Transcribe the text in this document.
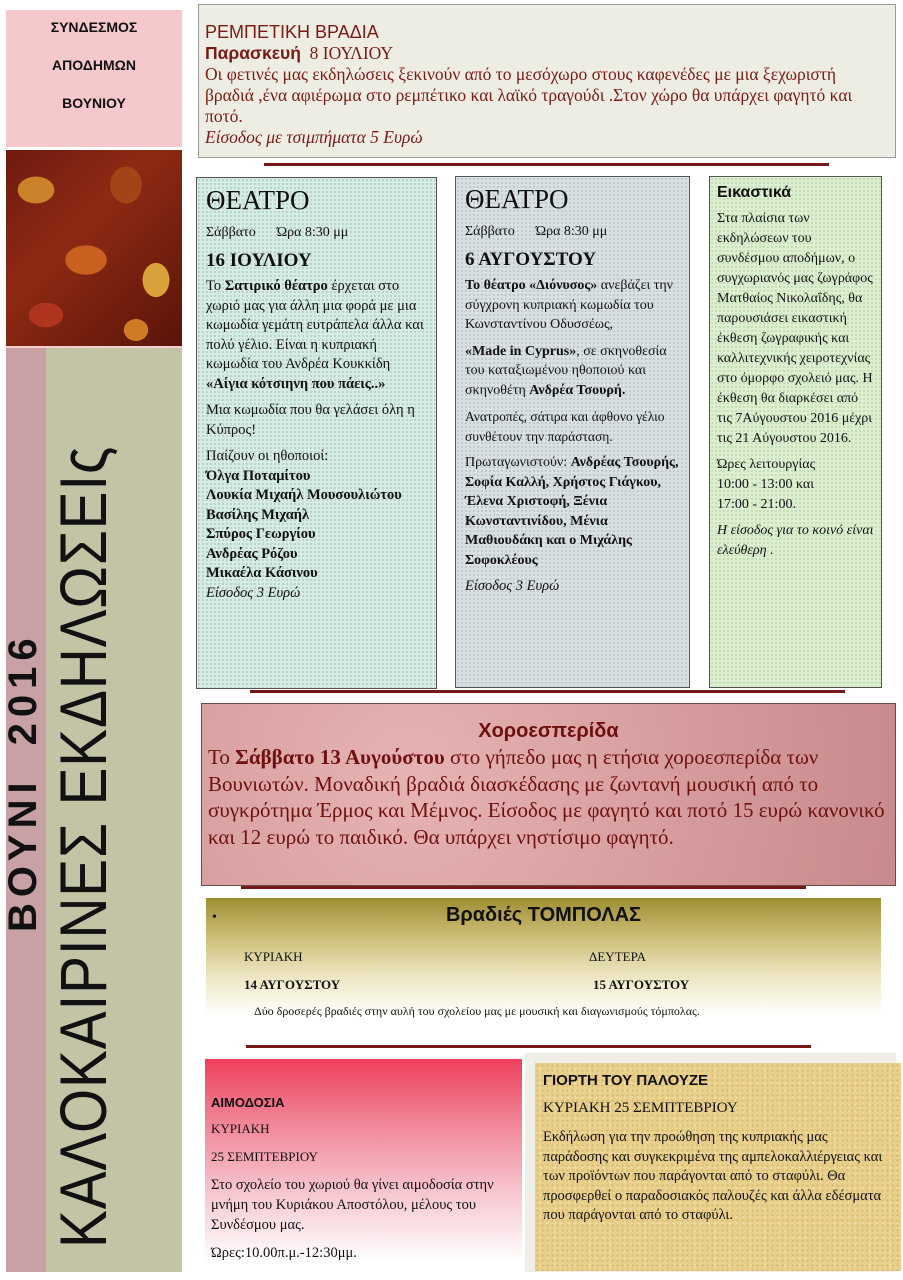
ΣΥΝΔΕΣΜΟΣ
ΑΠΟΔΗΜΩΝ
ΒΟΥΝΙΟΥ
ΒΟΥΝΙ 2016 ΚΑΛΟΚΑΙΡΙΝΕΣ ΕΚΔΗΛΩΣΕΙς
ΡΕΜΠΕΤΙΚΗ ΒΡΑΔΙΑ
Παρασκευή 8 ΙΟΥΛΙΟΥ
Οι φετινές μας εκδηλώσεις ξεκινούν από το μεσόχωρο στους καφενέδες με μια ξεχωριστή βραδιά ,ένα αφιέρωμα στο ρεμπέτικο και λαϊκό τραγούδι .Στον χώρο θα υπάρχει φαγητό και ποτό.
Είσοδος με τσιμπήματα 5 Ευρώ
ΘΕΑΤΡΟ
Σάββατο      Ώρα 8:30 μμ
16 ΙΟΥΛΙΟΥ

Το Σατιρικό θέατρο έρχεται στο χωριό μας για άλλη μια φορά με μια κωμωδία γεμάτη ευτράπελα άλλα και πολύ γέλιο. Είναι η κυπριακή κωμωδία του Ανδρέα Κουκκίδη «Αίγια κότσιηνη που πάεις..»

Μια κωμωδία που θα γελάσει όλη η Κύπρος!

Παίζουν οι ηθοποιοί:
Όλγα Ποταμίτου
Λουκία Μιχαήλ Μουσουλιώτου
Βασίλης Μιχαήλ
Σπύρος Γεωργίου
Ανδρέας Ρόζου
Μικαέλα Κάσινου
Είσοδος 3 Ευρώ
ΘΕΑΤΡΟ
Σάββατο      Ώρα 8:30 μμ
6 ΑΥΓΟΥΣΤΟΥ

Το θέατρο «Διόνυσος» ανεβάζει την σύγχρονη κυπριακή κωμωδία του Κωνσταντίνου Οδυσσέως,

«Made in Cyprus», σε σκηνοθεσία του καταξιωμένου ηθοποιού και σκηνοθέτη Ανδρέα Τσουρή.

Ανατροπές, σάτιρα και άφθονο γέλιο συνθέτουν την παράσταση.

Πρωταγωνιστούν: Ανδρέας Τσουρής, Σοφία Καλλή, Χρήστος Γιάγκου, Έλενα Χριστοφή, Ξένια Κωνσταντινίδου, Μένια Μαθιουδάκη και ο Μιχάλης Σοφοκλέους

Είσοδος 3 Ευρώ
Εικαστικά

Στα πλαίσια των εκδηλώσεων του συνδέσμου αποδήμων, ο συγχωριανός μας ζωγράφος Ματθαίος Νικολαΐδης, θα παρουσιάσει εικαστική έκθεση ζωγραφικής και καλλιτεχνικής χειροτεχνίας στο όμορφο σχολειό μας. Η έκθεση θα διαρκέσει από τις 7Αύγουστου 2016 μέχρι τις 21 Αύγουστου 2016.

Ώρες λειτουργίας
10:00 - 13:00 και
17:00 - 21:00.
Η είσοδος για το κοινό είναι ελεύθερη .
Χοροεσπερίδα
Το Σάββατο 13 Αυγούστου στο γήπεδο μας η ετήσια χοροεσπερίδα των Βουνιωτών. Μοναδική βραδιά διασκέδασης με ζωντανή μουσική από το συγκρότημα Έρμος και Μέμνος. Είσοδος με φαγητό και ποτό 15 ευρώ κανονικό και 12 ευρώ το παιδικό. Θα υπάρχει νηστίσιμο φαγητό.
•	Βραδιές ΤΟΜΠΟΛΑΣ
ΚΥΡΙΑΚΗ
14 ΑΥΓΟΥΣΤΟΥ
ΔΕΥΤΕΡΑ
15 ΑΥΓΟΥΣΤΟΥ
Δύο δροσερές βραδιές στην αυλή του σχολείου μας με μουσική και διαγωνισμούς τόμπολας.
ΑΙΜΟΔΟΣΙΑ
ΚΥΡΙΑΚΗ
25 ΣΕΜΠΤΕΒΡΙΟΥ
Στο σχολείο του χωριού θα γίνει αιμοδοσία στην μνήμη του Κυριάκου Αποστόλου, μέλους του Συνδέσμου μας.
Ώρες:10.00π.μ.-12:30μμ.
ΓΙΟΡΤΗ ΤΟΥ ΠΑΛΟΥΖΕ
ΚΥΡΙΑΚΗ 25 ΣΕΜΠΤΕΒΡΙΟΥ
Εκδήλωση για την προώθηση της κυπριακής μας παράδοσης και συγκεκριμένα της αμπελοκαλλιέργειας και των προϊόντων που παράγονται από το σταφύλι. Θα προσφερθεί ο παραδοσιακός παλουζές και άλλα εδέσματα που παράγονται από το σταφύλι.
